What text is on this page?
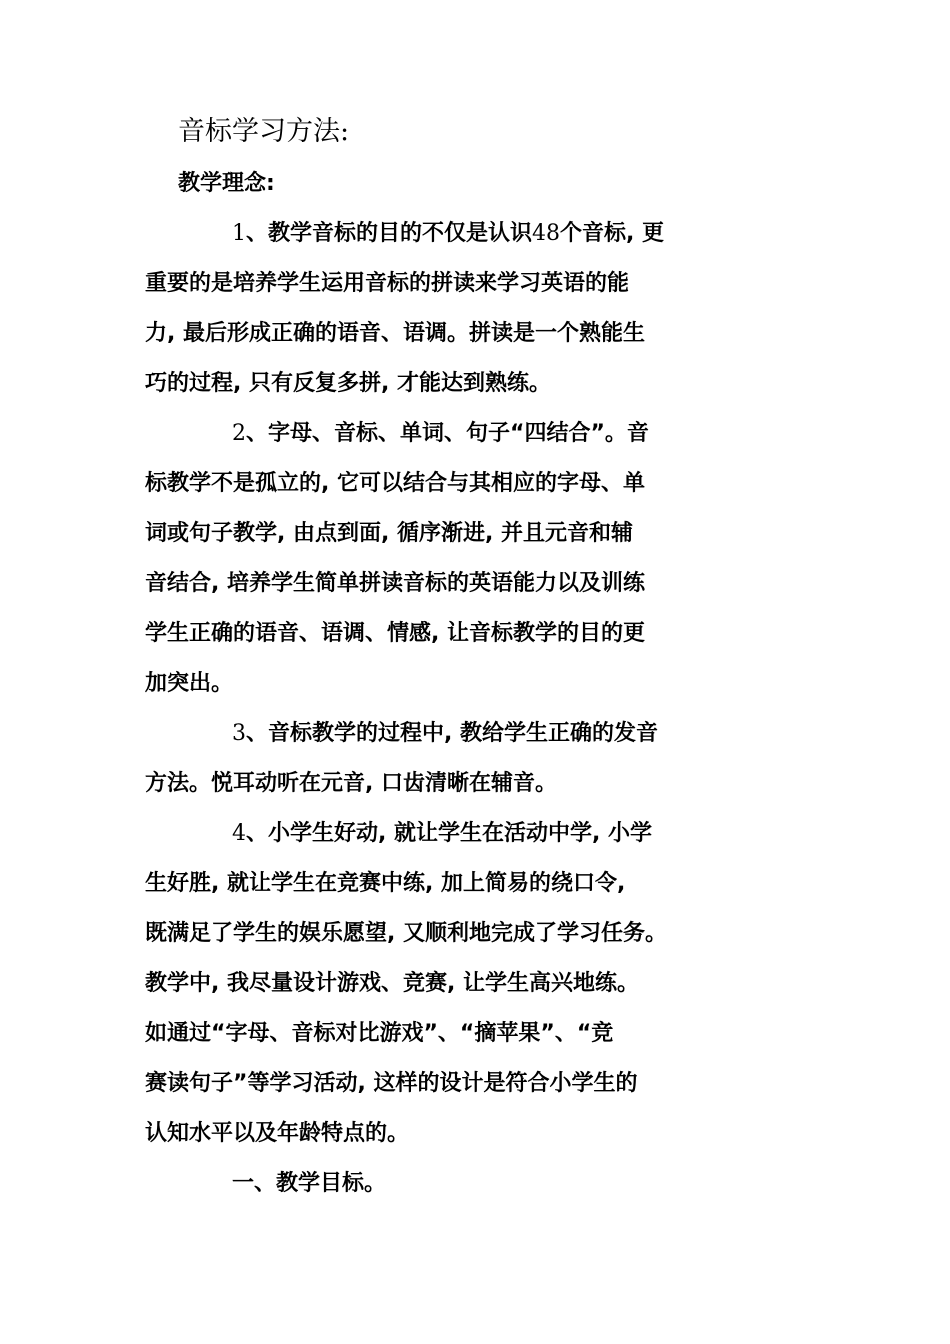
音标学习方法:
教学理念:
1、教学音标的目的不仅是认识48个音标, 更
重要的是培养学生运用音标的拼读来学习英语的能
力, 最后形成正确的语音、语调。拼读是一个熟能生
巧的过程, 只有反复多拼, 才能达到熟练。
2、字母、音标、单词、句子“四结合”。音
标教学不是孤立的, 它可以结合与其相应的字母、单
词或句子教学, 由点到面, 循序渐进, 并且元音和辅
音结合, 培养学生简单拼读音标的英语能力以及训练
学生正确的语音、语调、情感, 让音标教学的目的更
加突出。
3、音标教学的过程中, 教给学生正确的发音
方法。悦耳动听在元音, 口齿清晰在辅音。
4、小学生好动, 就让学生在活动中学, 小学
生好胜, 就让学生在竞赛中练, 加上简易的绕口令,
既满足了学生的娱乐愿望, 又顺利地完成了学习任务。
教学中, 我尽量设计游戏、竞赛, 让学生高兴地练。
如通过“字母、音标对比游戏”、“摘苹果”、“竞
赛读句子”等学习活动, 这样的设计是符合小学生的
认知水平以及年龄特点的。
一、教学目标。
